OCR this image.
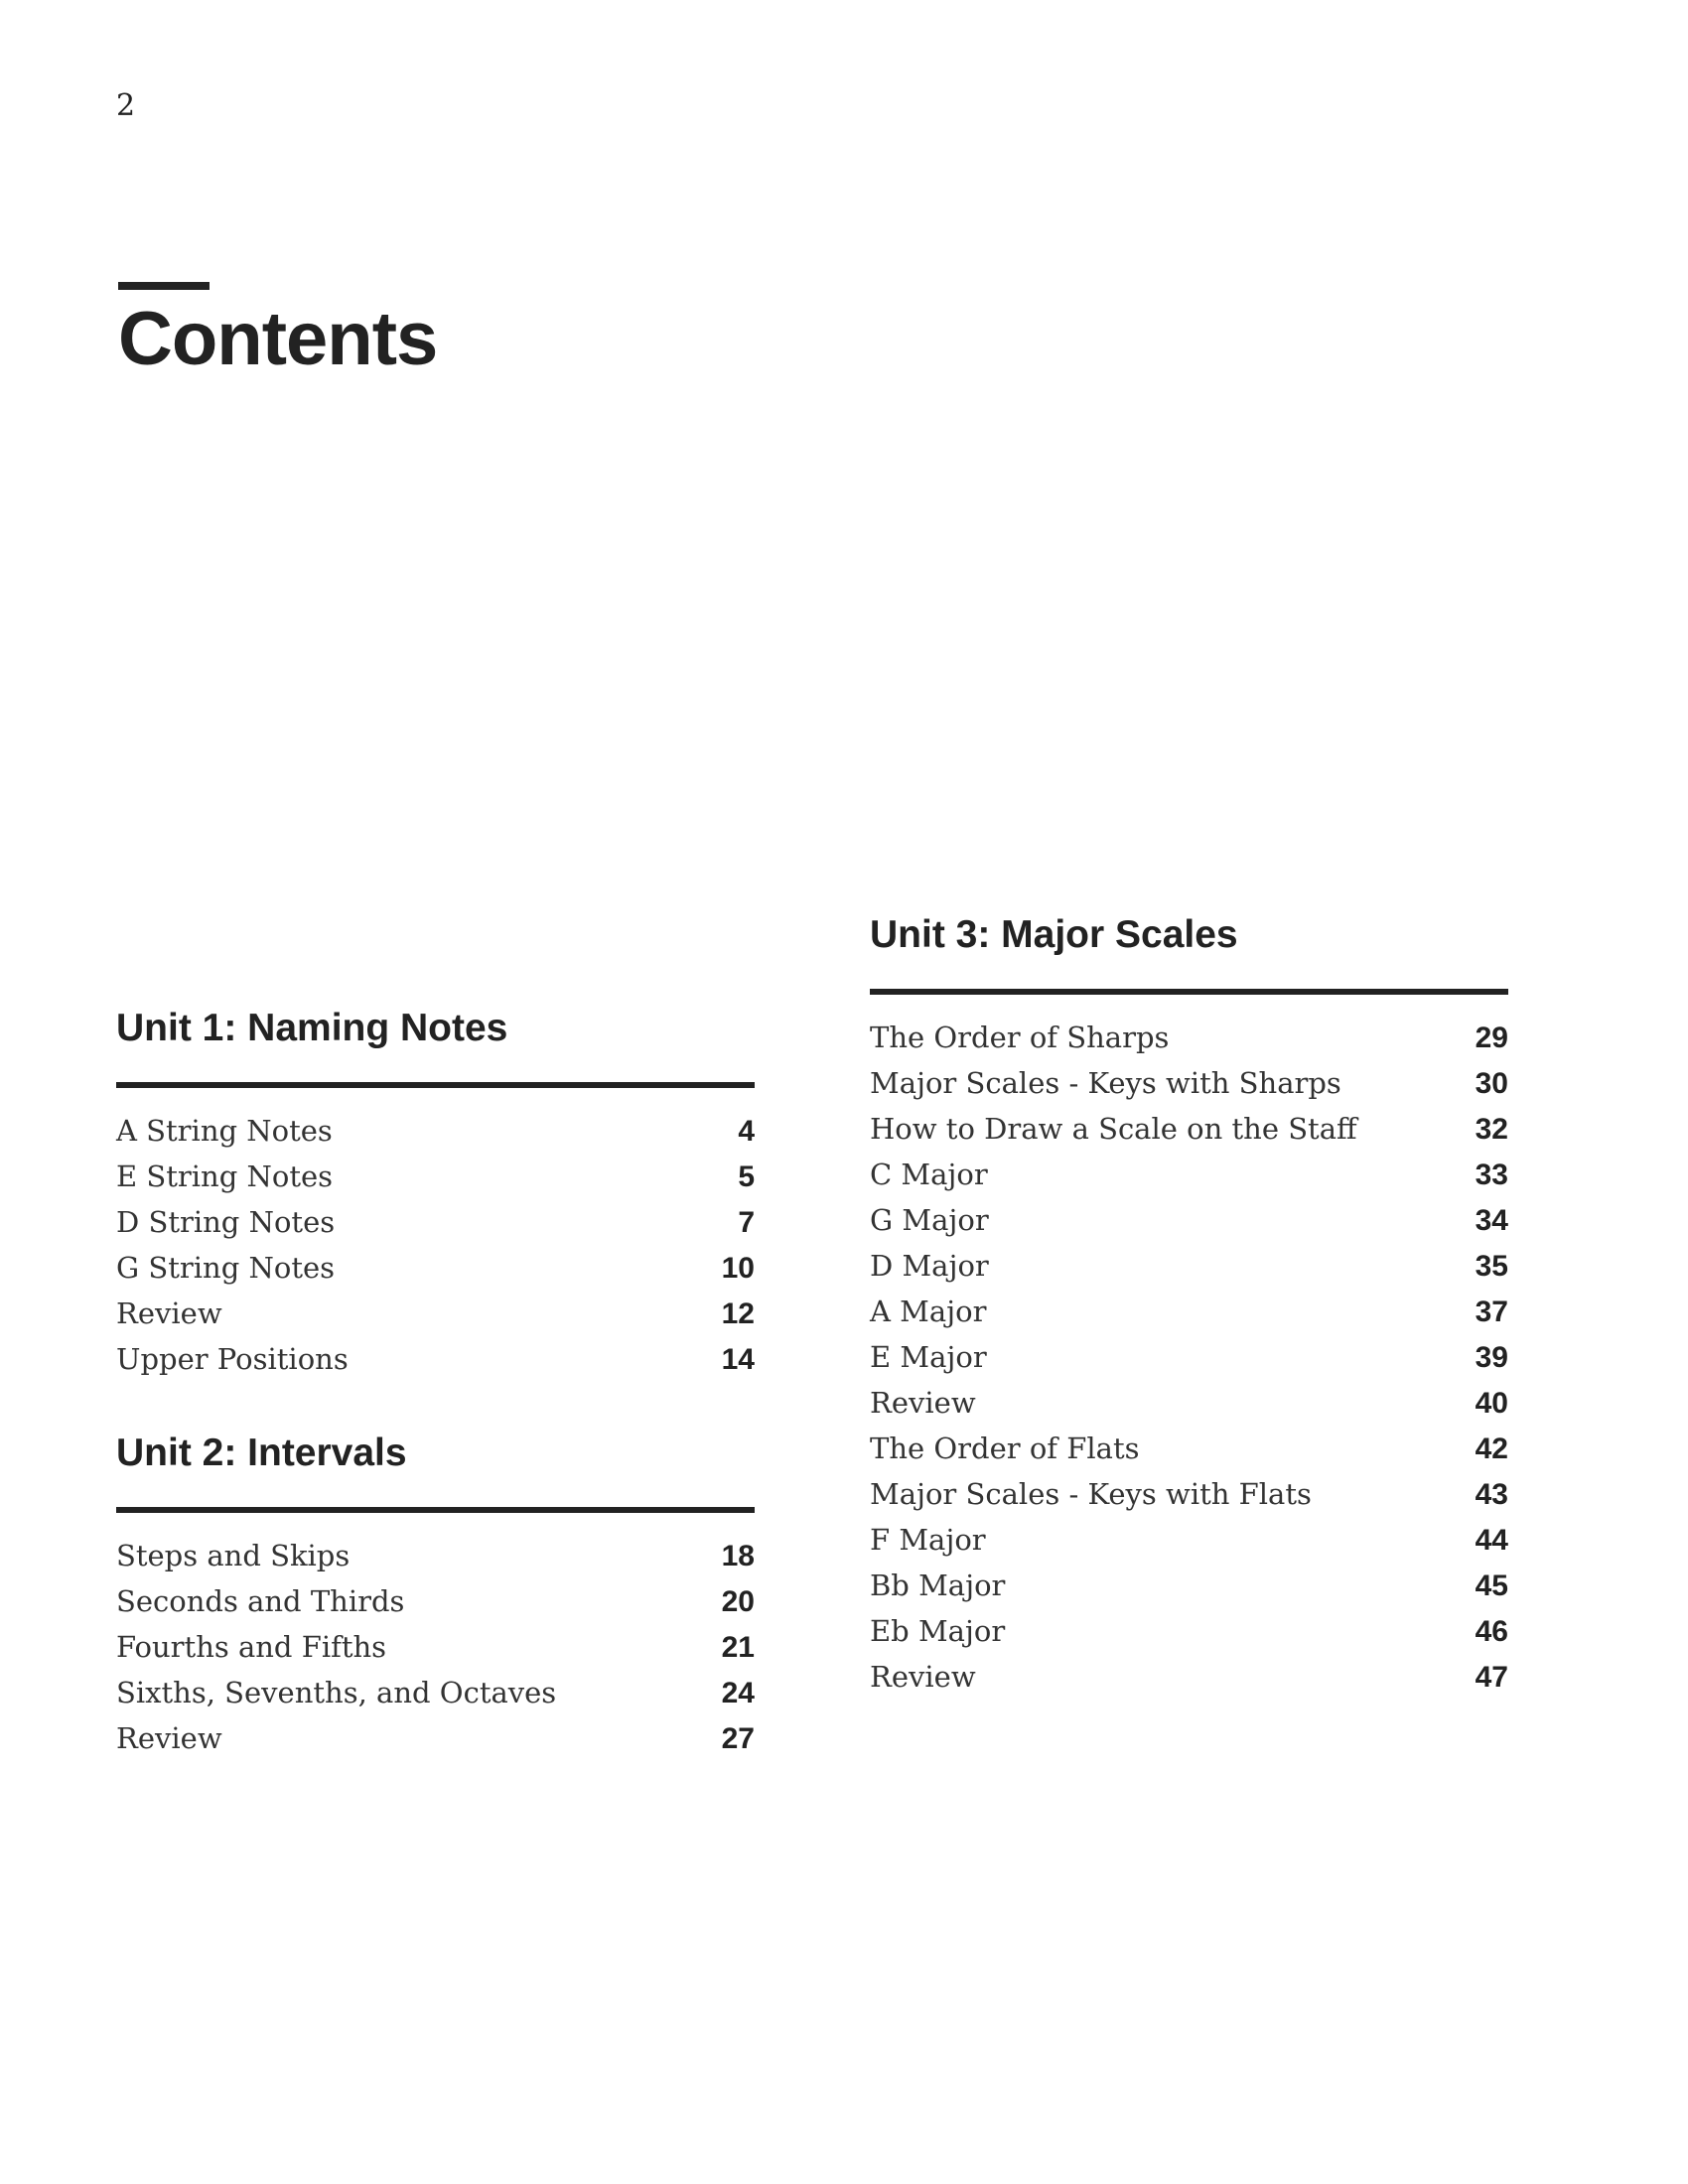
2
Contents
Unit 1: Naming Notes
A String Notes	4
E String Notes	5
D String Notes	7
G String Notes	10
Review	12
Upper Positions	14
Unit 2: Intervals
Steps and Skips	18
Seconds and Thirds	20
Fourths and Fifths	21
Sixths, Sevenths, and Octaves	24
Review	27
Unit 3: Major Scales
The Order of Sharps	29
Major Scales - Keys with Sharps	30
How to Draw a Scale on the Staff	32
C Major	33
G Major	34
D Major	35
A Major	37
E Major	39
Review	40
The Order of Flats	42
Major Scales - Keys with Flats	43
F Major	44
Bb Major	45
Eb Major	46
Review	47
